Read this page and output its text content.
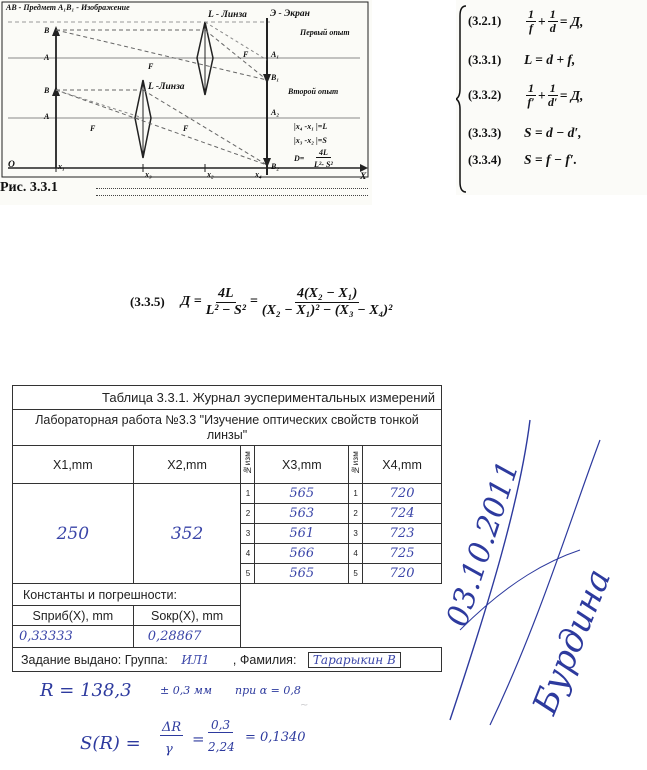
AB - Предмет A₁B₁ - Изображение
L - Линза Э - Экран
Первый опыт
L -Линза	Второй опыт
B
A
B
A
F
F
F	F
A₁
B₁
A₂
B₂
|x₄ -x₁ |=L
|x₃ -x₂ |=S
D=
4L
L²- S²
O	x₁
x₃	x₂	x₄	X
Рис. 3.3.1
(3.2.1)	$\frac{1}{f} + \frac{1}{d} = Д$,
(3.3.1)	L = d + f,
(3.3.2)	$\frac{1}{f'} + \frac{1}{d'} = Д$,
(3.3.3)	S = d − d′,
(3.3.4)	S = f − f′.
(3.3.5) $Д = \frac{4L}{\text{L² − S²}} = \frac{\text{4(X₂ − X₁)}}{\text{(X₂ − X₁)² − (X₃ − X₄)²}}$
Таблица 3.3.1. Журнал эуспериментальных измерений					
Лабораторная работа №3.3 "Изучение оптических свойств тонкой линзы"					
X1,mm	X2,mm	№изм	X3,mm	№изм	X4,mm
250	352	1	565	1	720
		2	563	2	724
		3	561	3	723
		4	566	4	725
		5	565	5	720
Константы и погрешности:					
Sприб(X), mm	Sокр(X), mm				
0,33333	0,28867				
Задание выдано: Группа: ИЛ1 , Фамилия: Тарарыкин В					
~
R = 138,3	± 0,3 мм при α = 0,8
S(R) =
ΔR
γ
=
0,3
2,24
= 0,1340
03.10.2011
Бурдина
